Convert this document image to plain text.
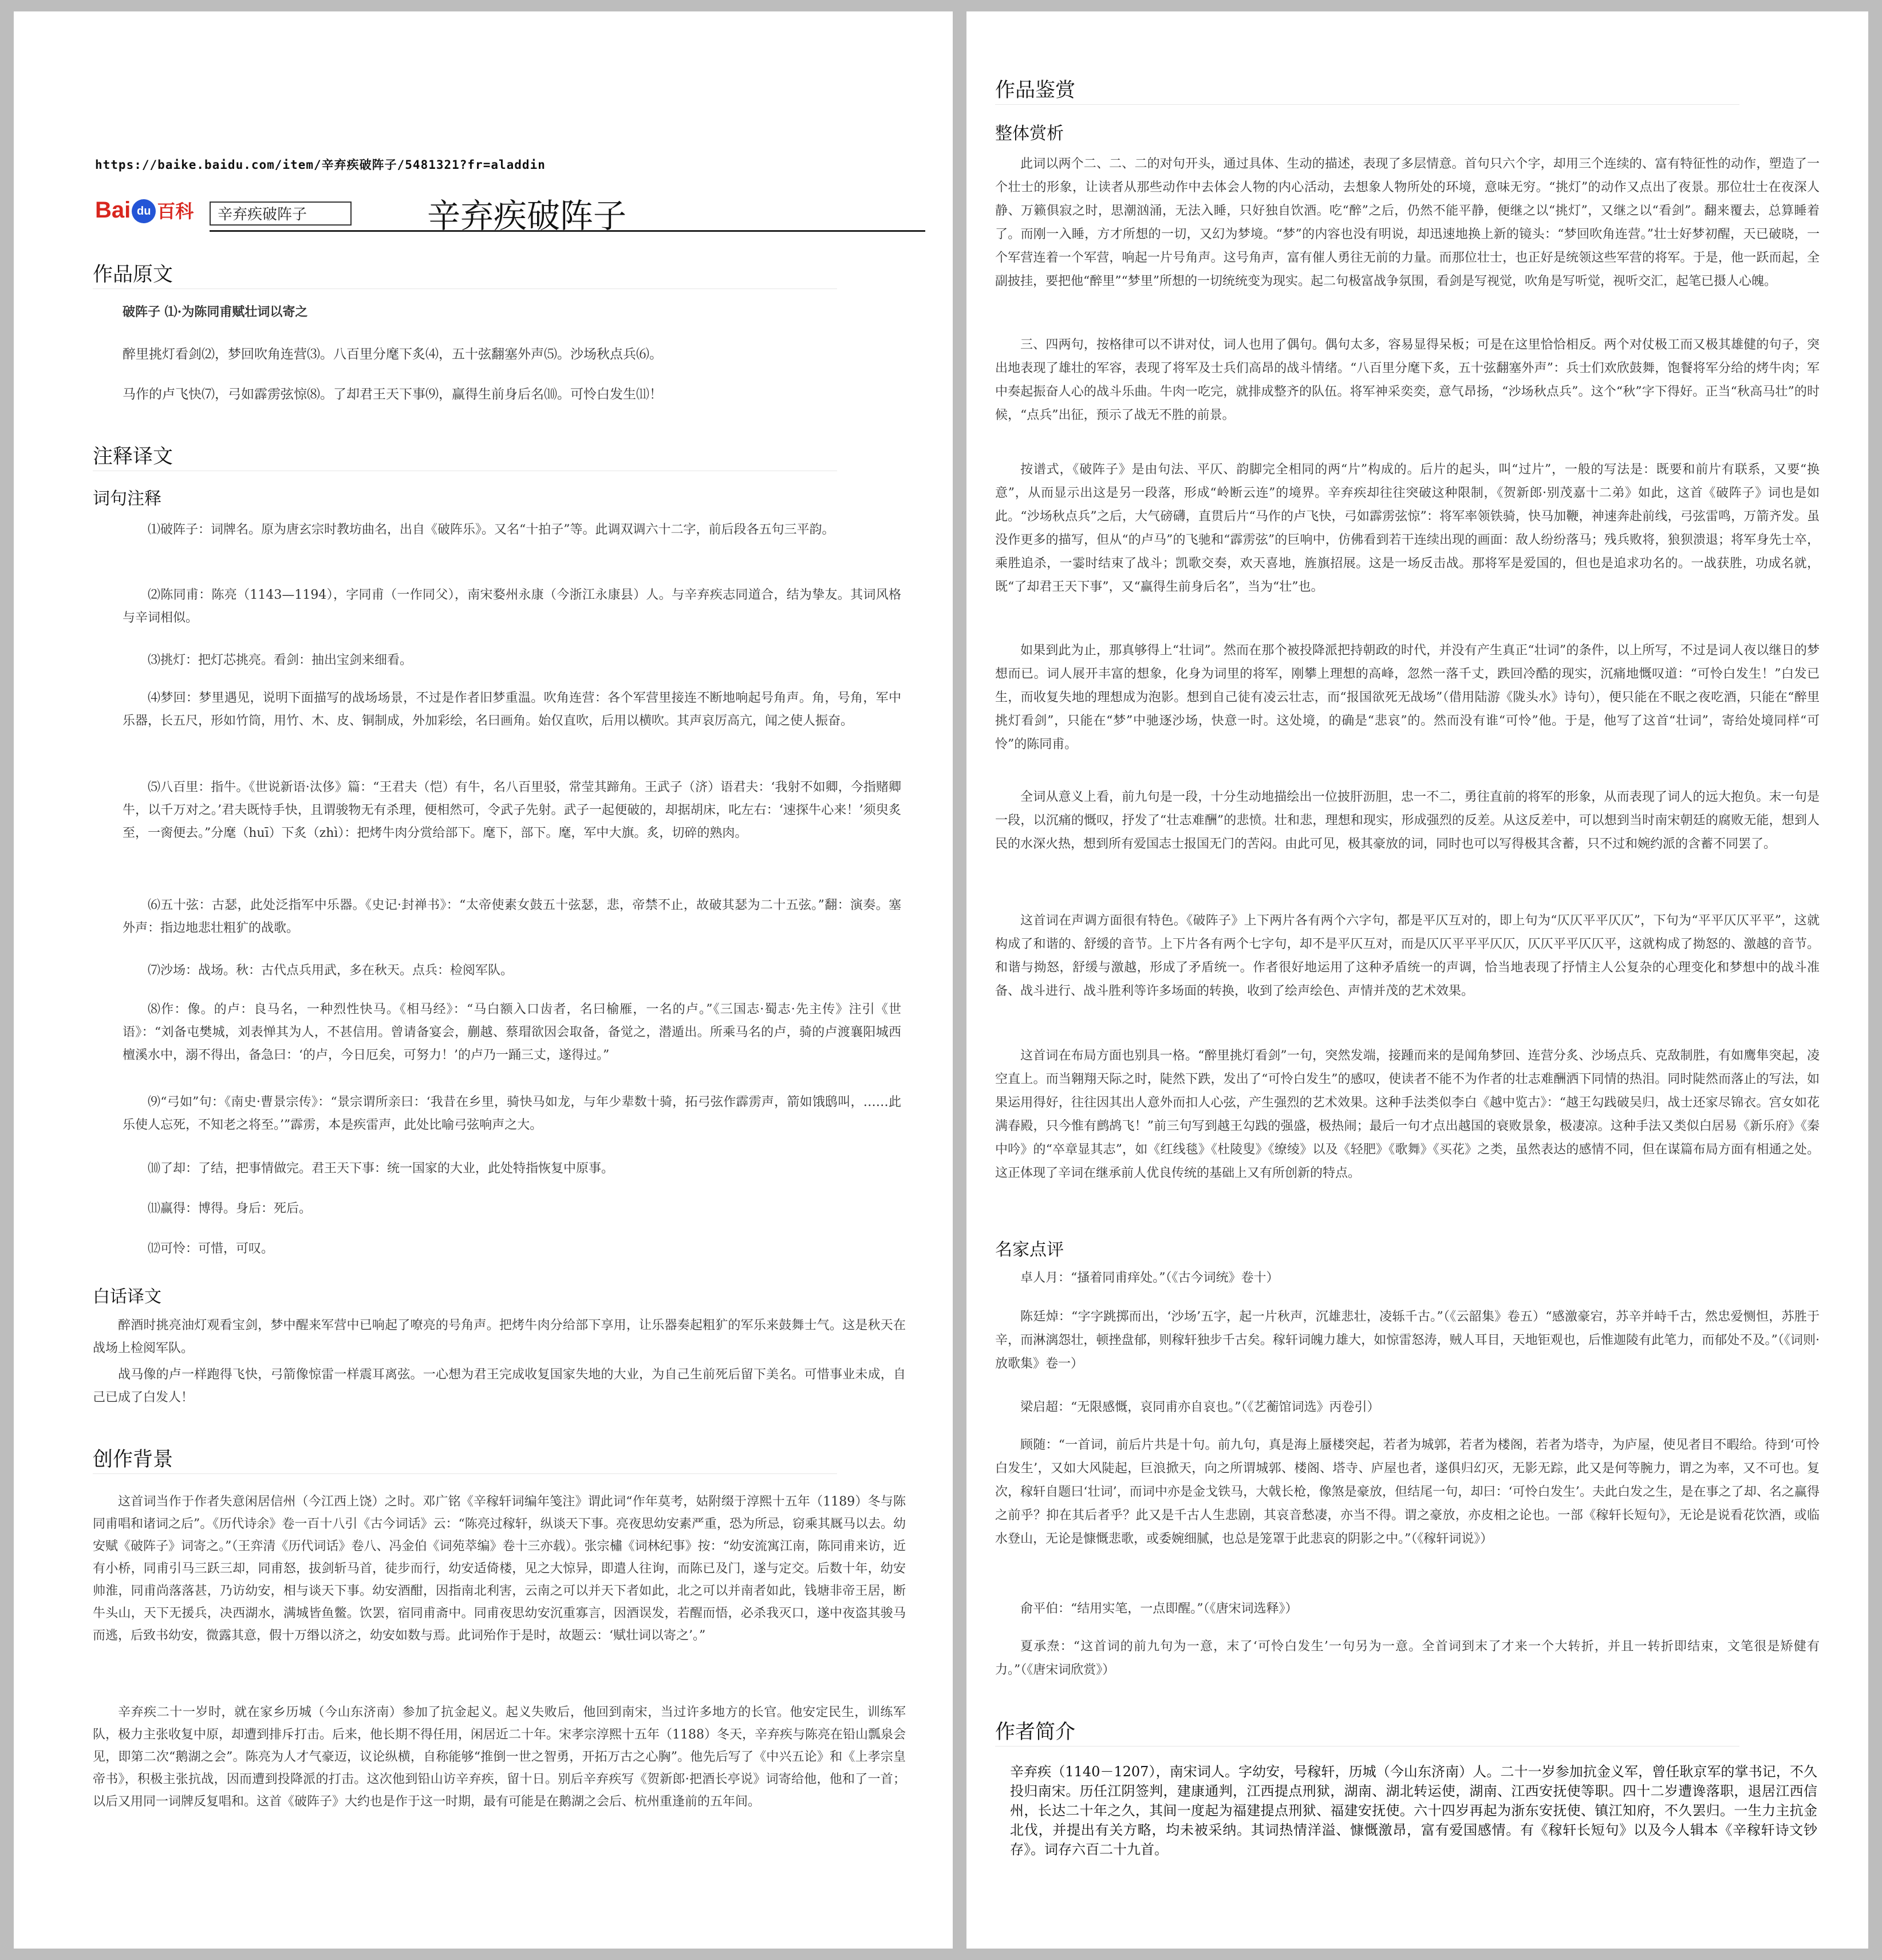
https://baike.baidu.com/item/辛弃疾破阵子/5481321?fr=aladdin
Bai du 百科	辛弃疾破阵子	辛弃疾破阵子
作品原文

破阵子 ⑴·为陈同甫赋壮词以寄之

醉里挑灯看剑⑵，梦回吹角连营⑶。八百里分麾下炙⑷，五十弦翻塞外声⑸。沙场秋点兵⑹。

马作的卢飞快⑺，弓如霹雳弦惊⑻。了却君王天下事⑼，赢得生前身后名⑽。可怜白发生⑾！

注释译文
词句注释

⑴破阵子：词牌名。原为唐玄宗时教坊曲名，出自《破阵乐》。又名“十拍子”等。此调双调六十二字，前后段各五句三平韵。

⑵陈同甫：陈亮（1143—1194），字同甫（一作同父），南宋婺州永康（今浙江永康县）人。与辛弃疾志同道合，结为挚友。其词风格与辛词相似。

⑶挑灯：把灯芯挑亮。看剑：抽出宝剑来细看。

⑷梦回：梦里遇见，说明下面描写的战场场景，不过是作者旧梦重温。吹角连营：各个军营里接连不断地响起号角声。角，号角，军中乐器，长五尺，形如竹筒，用竹、木、皮、铜制成，外加彩绘，名曰画角。始仅直吹，后用以横吹。其声哀厉高亢，闻之使人振奋。

⑸八百里：指牛。《世说新语·汰侈》篇：“王君夫（恺）有牛，名八百里驳，常莹其蹄角。王武子（济）语君夫：‘我射不如卿，今指赌卿牛，以千万对之。’君夫既恃手快，且谓骏物无有杀理，便相然可，令武子先射。武子一起便破的，却据胡床，叱左右：‘速探牛心来！’须臾炙至，一脔便去。”分麾（huī）下炙（zhì）：把烤牛肉分赏给部下。麾下，部下。麾，军中大旗。炙，切碎的熟肉。

⑹五十弦：古瑟，此处泛指军中乐器。《史记·封禅书》：“太帝使素女鼓五十弦瑟，悲，帝禁不止，故破其瑟为二十五弦。”翻：演奏。塞外声：指边地悲壮粗犷的战歌。

⑺沙场：战场。秋：古代点兵用武，多在秋天。点兵：检阅军队。

⑻作：像。的卢：良马名，一种烈性快马。《相马经》：“马白额入口齿者，名曰榆雁，一名的卢。”《三国志·蜀志·先主传》注引《世语》：“刘备屯樊城，刘表惮其为人，不甚信用。曾请备宴会，蒯越、蔡瑁欲因会取备，备觉之，潜遁出。所乘马名的卢，骑的卢渡襄阳城西檀溪水中，溺不得出，备急曰：‘的卢，今日厄矣，可努力！’的卢乃一踊三丈，遂得过。”

⑼“弓如”句：《南史·曹景宗传》：“景宗谓所亲曰：‘我昔在乡里，骑快马如龙，与年少辈数十骑，拓弓弦作霹雳声，箭如饿鸱叫，……此乐使人忘死，不知老之将至。’”霹雳，本是疾雷声，此处比喻弓弦响声之大。

⑽了却：了结，把事情做完。君王天下事：统一国家的大业，此处特指恢复中原事。

⑾赢得：博得。身后：死后。

⑿可怜：可惜，可叹。

白话译文

醉酒时挑亮油灯观看宝剑，梦中醒来军营中已响起了嘹亮的号角声。把烤牛肉分给部下享用，让乐器奏起粗犷的军乐来鼓舞士气。这是秋天在战场上检阅军队。

战马像的卢一样跑得飞快，弓箭像惊雷一样震耳离弦。一心想为君王完成收复国家失地的大业，为自己生前死后留下美名。可惜事业未成，自己已成了白发人！

创作背景

这首词当作于作者失意闲居信州（今江西上饶）之时。邓广铭《辛稼轩词编年笺注》谓此词“作年莫考，姑附缀于淳熙十五年（1189）冬与陈同甫唱和诸词之后”。《历代诗余》卷一百十八引《古今词话》云：“陈亮过稼轩，纵谈天下事。亮夜思幼安素严重，恐为所忌，窃乘其厩马以去。幼安赋《破阵子》词寄之。”（王弈清《历代词话》卷八、冯金伯《词苑萃编》卷十三亦载）。张宗橚《词林纪事》按：“幼安流寓江南，陈同甫来访，近有小桥，同甫引马三跃三却，同甫怒，拔剑斩马首，徒步而行，幼安适倚楼，见之大惊异，即遣人往询，而陈已及门，遂与定交。后数十年，幼安帅淮，同甫尚落落甚，乃访幼安，相与谈天下事。幼安酒酣，因指南北利害，云南之可以并天下者如此，北之可以并南者如此，钱塘非帝王居，断牛头山，天下无援兵，决西湖水，满城皆鱼鳖。饮罢，宿同甫斋中。同甫夜思幼安沉重寡言，因酒误发，若醒而悟，必杀我灭口，遂中夜盗其骏马而逃，后致书幼安，微露其意，假十万缗以济之，幼安如数与焉。此词殆作于是时，故题云：‘赋壮词以寄之’。”

辛弃疾二十一岁时，就在家乡历城（今山东济南）参加了抗金起义。起义失败后，他回到南宋，当过许多地方的长官。他安定民生，训练军队，极力主张收复中原，却遭到排斥打击。后来，他长期不得任用，闲居近二十年。宋孝宗淳熙十五年（1188）冬天，辛弃疾与陈亮在铅山瓢泉会见，即第二次“鹅湖之会”。陈亮为人才气豪迈，议论纵横，自称能够“推倒一世之智勇，开拓万古之心胸”。他先后写了《中兴五论》和《上孝宗皇帝书》，积极主张抗战，因而遭到投降派的打击。这次他到铅山访辛弃疾，留十日。别后辛弃疾写《贺新郎·把酒长亭说》词寄给他，他和了一首；以后又用同一词牌反复唱和。这首《破阵子》大约也是作于这一时期，最有可能是在鹅湖之会后、杭州重逢前的五年间。

作品鉴赏
整体赏析

此词以两个二、二、二的对句开头，通过具体、生动的描述，表现了多层情意。首句只六个字，却用三个连续的、富有特征性的动作，塑造了一个壮士的形象，让读者从那些动作中去体会人物的内心活动，去想象人物所处的环境，意味无穷。“挑灯”的动作又点出了夜景。那位壮士在夜深人静、万籁俱寂之时，思潮汹涌，无法入睡，只好独自饮酒。吃“醉”之后，仍然不能平静，便继之以“挑灯”，又继之以“看剑”。翻来覆去，总算睡着了。而刚一入睡，方才所想的一切，又幻为梦境。“梦”的内容也没有明说，却迅速地换上新的镜头：“梦回吹角连营。”壮士好梦初醒，天已破晓，一个军营连着一个军营，响起一片号角声。这号角声，富有催人勇往无前的力量。而那位壮士，也正好是统领这些军营的将军。于是，他一跃而起，全副披挂，要把他“醉里”“梦里”所想的一切统统变为现实。起二句极富战争氛围，看剑是写视觉，吹角是写听觉，视听交汇，起笔已摄人心魄。

三、四两句，按格律可以不讲对仗，词人也用了偶句。偶句太多，容易显得呆板；可是在这里恰恰相反。两个对仗极工而又极其雄健的句子，突出地表现了雄壮的军容，表现了将军及士兵们高昂的战斗情绪。“八百里分麾下炙，五十弦翻塞外声”：兵士们欢欣鼓舞，饱餐将军分给的烤牛肉；军中奏起振奋人心的战斗乐曲。牛肉一吃完，就排成整齐的队伍。将军神采奕奕，意气昂扬，“沙场秋点兵”。这个“秋”字下得好。正当“秋高马壮”的时候，“点兵”出征，预示了战无不胜的前景。

按谱式，《破阵子》是由句法、平仄、韵脚完全相同的两“片”构成的。后片的起头，叫“过片”，一般的写法是：既要和前片有联系，又要“换意”，从而显示出这是另一段落，形成“岭断云连”的境界。辛弃疾却往往突破这种限制，《贺新郎·别茂嘉十二弟》如此，这首《破阵子》词也是如此。“沙场秋点兵”之后，大气磅礴，直贯后片“马作的卢飞快，弓如霹雳弦惊”：将军率领铁骑，快马加鞭，神速奔赴前线，弓弦雷鸣，万箭齐发。虽没作更多的描写，但从“的卢马”的飞驰和“霹雳弦”的巨响中，仿佛看到若干连续出现的画面：敌人纷纷落马；残兵败将，狼狈溃退；将军身先士卒，乘胜追杀，一霎时结束了战斗；凯歌交奏，欢天喜地，旌旗招展。这是一场反击战。那将军是爱国的，但也是追求功名的。一战获胜，功成名就，既“了却君王天下事”，又“赢得生前身后名”，当为“壮”也。

如果到此为止，那真够得上“壮词”。然而在那个被投降派把持朝政的时代，并没有产生真正“壮词”的条件，以上所写，不过是词人夜以继日的梦想而已。词人展开丰富的想象，化身为词里的将军，刚攀上理想的高峰，忽然一落千丈，跌回冷酷的现实，沉痛地慨叹道：“可怜白发生！”白发已生，而收复失地的理想成为泡影。想到自己徒有凌云壮志，而“报国欲死无战场”（借用陆游《陇头水》诗句），便只能在不眠之夜吃酒，只能在“醉里挑灯看剑”，只能在“梦”中驰逐沙场，快意一时。这处境，的确是“悲哀”的。然而没有谁“可怜”他。于是，他写了这首“壮词”，寄给处境同样“可怜”的陈同甫。

全词从意义上看，前九句是一段，十分生动地描绘出一位披肝沥胆，忠一不二，勇往直前的将军的形象，从而表现了词人的远大抱负。末一句是一段，以沉痛的慨叹，抒发了“壮志难酬”的悲愤。壮和悲，理想和现实，形成强烈的反差。从这反差中，可以想到当时南宋朝廷的腐败无能，想到人民的水深火热，想到所有爱国志士报国无门的苦闷。由此可见，极其豪放的词，同时也可以写得极其含蓄，只不过和婉约派的含蓄不同罢了。

这首词在声调方面很有特色。《破阵子》上下两片各有两个六字句，都是平仄互对的，即上句为“仄仄平平仄仄”，下句为“平平仄仄平平”，这就构成了和谐的、舒缓的音节。上下片各有两个七字句，却不是平仄互对，而是仄仄平平平仄仄，仄仄平平仄仄平，这就构成了拗怒的、激越的音节。和谐与拗怒，舒缓与激越，形成了矛盾统一。作者很好地运用了这种矛盾统一的声调，恰当地表现了抒情主人公复杂的心理变化和梦想中的战斗准备、战斗进行、战斗胜利等许多场面的转换，收到了绘声绘色、声情并茂的艺术效果。

这首词在布局方面也别具一格。“醉里挑灯看剑”一句，突然发端，接踵而来的是闻角梦回、连营分炙、沙场点兵、克敌制胜，有如鹰隼突起，凌空直上。而当翱翔天际之时，陡然下跌，发出了“可怜白发生”的感叹，使读者不能不为作者的壮志难酬洒下同情的热泪。同时陡然而落止的写法，如果运用得好，往往因其出人意外而扣人心弦，产生强烈的艺术效果。这种手法类似李白《越中览古》：“越王勾践破吴归，战士还家尽锦衣。宫女如花满春殿，只今惟有鹧鸪飞！”前三句写到越王勾践的强盛，极热闹；最后一句才点出越国的衰败景象，极凄凉。这种手法又类似白居易《新乐府》《秦中吟》的“卒章显其志”，如《红线毯》《杜陵叟》《缭绫》以及《轻肥》《歌舞》《买花》之类，虽然表达的感情不同，但在谋篇布局方面有相通之处。这正体现了辛词在继承前人优良传统的基础上又有所创新的特点。

名家点评

卓人月：“搔着同甫痒处。”（《古今词统》卷十）

陈廷焯：“字字跳掷而出，‘沙场’五字，起一片秋声，沉雄悲壮，凌轹千古。”（《云韶集》卷五）“感激豪宕，苏辛并峙千古，然忠爱恻怛，苏胜于辛，而淋漓怨壮，顿挫盘郁，则稼轩独步千古矣。稼轩词魄力雄大，如惊雷怒涛，贼人耳目，天地钜观也，后惟迦陵有此笔力，而郁处不及。”（《词则·放歌集》卷一）

梁启超：“无限感慨，哀同甫亦自哀也。”（《艺蘅馆词选》丙卷引）

顾随：“一首词，前后片共是十句。前九句，真是海上蜃楼突起，若者为城郭，若者为楼阁，若者为塔寺，为庐屋，使见者目不暇给。待到‘可怜白发生’，又如大风陡起，巨浪掀天，向之所谓城郭、楼阁、塔寺、庐屋也者，遂俱归幻灭，无影无踪，此又是何等腕力，谓之为率，又不可也。复次，稼轩自题曰‘壮词’，而词中亦是金戈铁马，大戟长枪，像煞是豪放，但结尾一句，却曰：‘可怜白发生’。夫此白发之生，是在事之了却、名之赢得之前乎？抑在其后者乎？此又是千古人生悲剧，其哀音愁凄，亦当不得。谓之豪放，亦皮相之论也。一部《稼轩长短句》，无论是说看花饮酒，或临水登山，无论是慷慨悲歌，或委婉细腻，也总是笼罩于此悲哀的阴影之中。”（《稼轩词说》）

俞平伯：“结用实笔，一点即醒。”（《唐宋词选释》）

夏承焘：“这首词的前九句为一意，末了‘可怜白发生’一句另为一意。全首词到末了才来一个大转折，并且一转折即结束，文笔很是矫健有力。”（《唐宋词欣赏》）

作者简介

辛弃疾（1140－1207），南宋词人。字幼安，号稼轩，历城（今山东济南）人。二十一岁参加抗金义军，曾任耿京军的掌书记，不久投归南宋。历任江阴签判，建康通判，江西提点刑狱，湖南、湖北转运使，湖南、江西安抚使等职。四十二岁遭谗落职，退居江西信州，长达二十年之久，其间一度起为福建提点刑狱、福建安抚使。六十四岁再起为浙东安抚使、镇江知府，不久罢归。一生力主抗金北伐，并提出有关方略，均未被采纳。其词热情洋溢、慷慨激昂，富有爱国感情。有《稼轩长短句》以及今人辑本《辛稼轩诗文钞存》。词存六百二十九首。
